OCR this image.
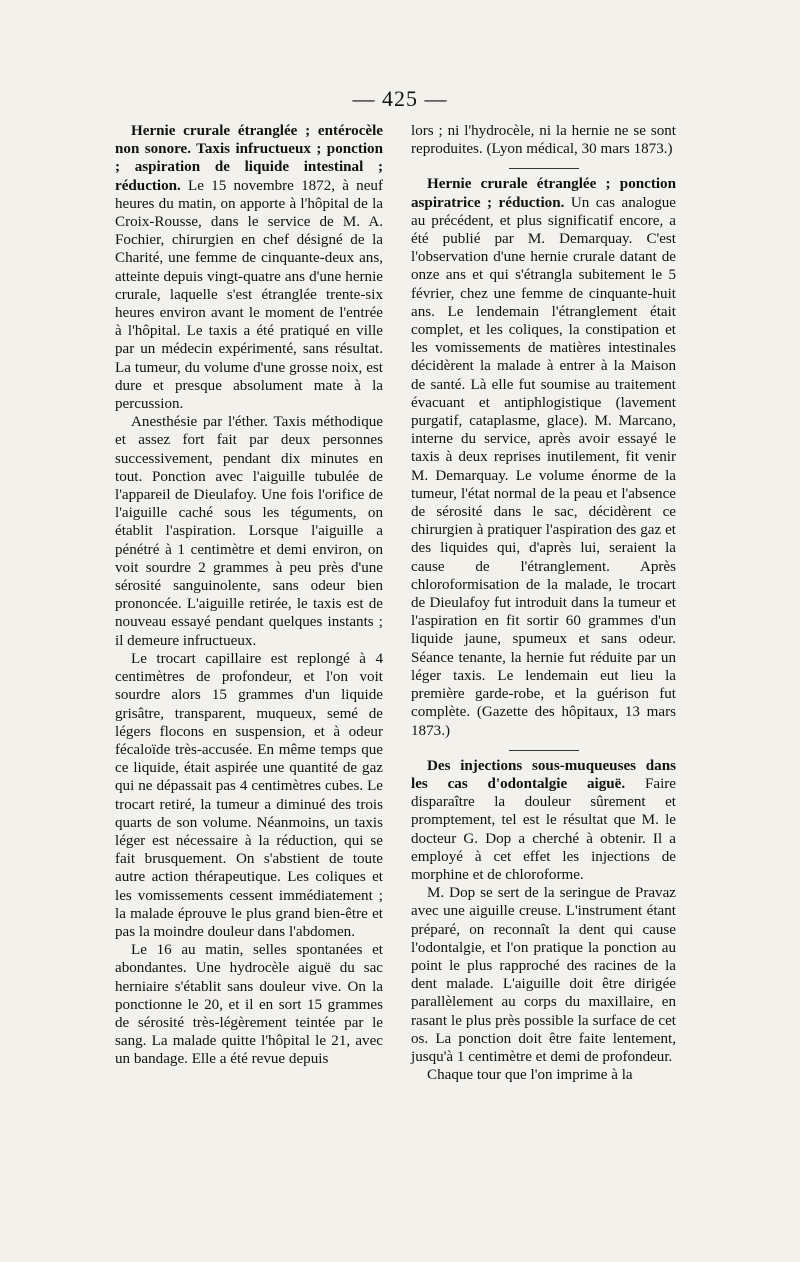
— 425 —

Hernie crurale étranglée ; entérocèle non sonore. Taxis infructueux ; ponction ; aspiration de liquide intestinal ; réduction. Le 15 novembre 1872, à neuf heures du matin, on apporte à l'hôpital de la Croix-Rousse, dans le service de M. A. Fochier, chirurgien en chef désigné de la Charité, une femme de cinquante-deux ans, atteinte depuis vingt-quatre ans d'une hernie crurale, laquelle s'est étranglée trente-six heures environ avant le moment de l'entrée à l'hôpital. Le taxis a été pratiqué en ville par un médecin expérimenté, sans résultat. La tumeur, du volume d'une grosse noix, est dure et presque absolument mate à la percussion.

Anesthésie par l'éther. Taxis méthodique et assez fort fait par deux personnes successivement, pendant dix minutes en tout. Ponction avec l'aiguille tubulée de l'appareil de Dieulafoy. Une fois l'orifice de l'aiguille caché sous les téguments, on établit l'aspiration. Lorsque l'aiguille a pénétré à 1 centimètre et demi environ, on voit sourdre 2 grammes à peu près d'une sérosité sanguinolente, sans odeur bien prononcée. L'aiguille retirée, le taxis est de nouveau essayé pendant quelques instants ; il demeure infructueux.

Le trocart capillaire est replongé à 4 centimètres de profondeur, et l'on voit sourdre alors 15 grammes d'un liquide grisâtre, transparent, muqueux, semé de légers flocons en suspension, et à odeur fécaloïde très-accusée. En même temps que ce liquide, était aspirée une quantité de gaz qui ne dépassait pas 4 centimètres cubes. Le trocart retiré, la tumeur a diminué des trois quarts de son volume. Néanmoins, un taxis léger est nécessaire à la réduction, qui se fait brusquement. On s'abstient de toute autre action thérapeutique. Les coliques et les vomissements cessent immédiatement ; la malade éprouve le plus grand bien-être et pas la moindre douleur dans l'abdomen.

Le 16 au matin, selles spontanées et abondantes. Une hydrocèle aiguë du sac herniaire s'établit sans douleur vive. On la ponctionne le 20, et il en sort 15 grammes de sérosité très-légèrement teintée par le sang. La malade quitte l'hôpital le 21, avec un bandage. Elle a été revue depuis

lors ; ni l'hydrocèle, ni la hernie ne se sont reproduites. (Lyon médical, 30 mars 1873.)

Hernie crurale étranglée ; ponction aspiratrice ; réduction. Un cas analogue au précédent, et plus significatif encore, a été publié par M. Demarquay. C'est l'observation d'une hernie crurale datant de onze ans et qui s'étrangla subitement le 5 février, chez une femme de cinquante-huit ans. Le lendemain l'étranglement était complet, et les coliques, la constipation et les vomissements de matières intestinales décidèrent la malade à entrer à la Maison de santé. Là elle fut soumise au traitement évacuant et antiphlogistique (lavement purgatif, cataplasme, glace). M. Marcano, interne du service, après avoir essayé le taxis à deux reprises inutilement, fit venir M. Demarquay. Le volume énorme de la tumeur, l'état normal de la peau et l'absence de sérosité dans le sac, décidèrent ce chirurgien à pratiquer l'aspiration des gaz et des liquides qui, d'après lui, seraient la cause de l'étranglement. Après chloroformisation de la malade, le trocart de Dieulafoy fut introduit dans la tumeur et l'aspiration en fit sortir 60 grammes d'un liquide jaune, spumeux et sans odeur. Séance tenante, la hernie fut réduite par un léger taxis. Le lendemain eut lieu la première garde-robe, et la guérison fut complète. (Gazette des hôpitaux, 13 mars 1873.)

Des injections sous-muqueuses dans les cas d'odontalgie aiguë. Faire disparaître la douleur sûrement et promptement, tel est le résultat que M. le docteur G. Dop a cherché à obtenir. Il a employé à cet effet les injections de morphine et de chloroforme.

M. Dop se sert de la seringue de Pravaz avec une aiguille creuse. L'instrument étant préparé, on reconnaît la dent qui cause l'odontalgie, et l'on pratique la ponction au point le plus rapproché des racines de la dent malade. L'aiguille doit être dirigée parallèlement au corps du maxillaire, en rasant le plus près possible la surface de cet os. La ponction doit être faite lentement, jusqu'à 1 centimètre et demi de profondeur.

Chaque tour que l'on imprime à la
